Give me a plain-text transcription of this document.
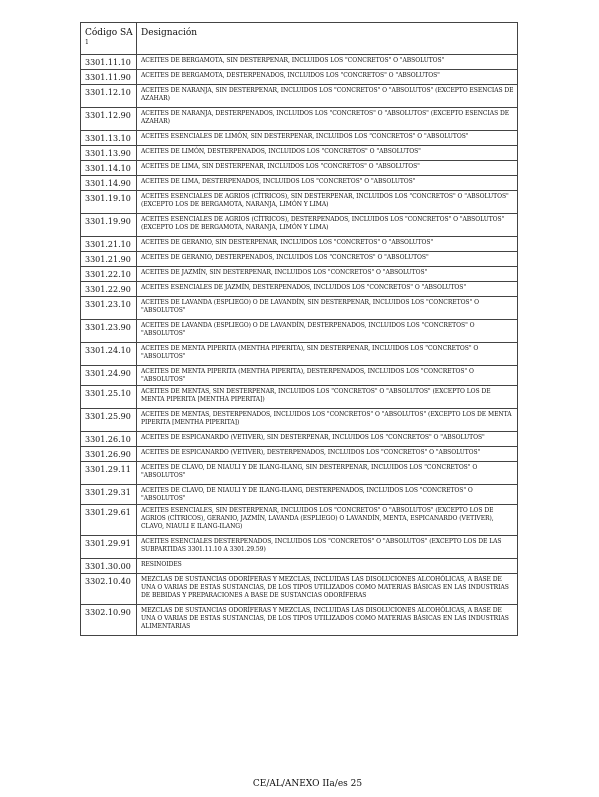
Código SA $^1$	Designación
3301.11.10	ACEITES DE BERGAMOTA, SIN DESTERPENAR, INCLUIDOS LOS "CONCRETOS" O "ABSOLUTOS"
3301.11.90	ACEITES DE BERGAMOTA, DESTERPENADOS, INCLUIDOS LOS "CONCRETOS" O "ABSOLUTOS"
3301.12.10	ACEITES DE NARANJA, SIN DESTERPENAR, INCLUIDOS LOS "CONCRETOS" O "ABSOLUTOS" (EXCEPTO ESENCIAS DE AZAHAR)
3301.12.90	ACEITES DE NARANJA, DESTERPENADOS, INCLUIDOS LOS "CONCRETOS" O "ABSOLUTOS" (EXCEPTO ESENCIAS DE AZAHAR)
3301.13.10	ACEITES ESENCIALES DE LIMÓN, SIN DESTERPENAR, INCLUIDOS LOS "CONCRETOS" O "ABSOLUTOS"
3301.13.90	ACEITES DE LIMÓN, DESTERPENADOS, INCLUIDOS LOS "CONCRETOS" O "ABSOLUTOS"
3301.14.10	ACEITES DE LIMA, SIN DESTERPENAR, INCLUIDOS LOS "CONCRETOS" O "ABSOLUTOS"
3301.14.90	ACEITES DE LIMA, DESTERPENADOS, INCLUIDOS LOS "CONCRETOS" O "ABSOLUTOS"
3301.19.10	ACEITES ESENCIALES DE AGRIOS (CÍTRICOS), SIN DESTERPENAR, INCLUIDOS LOS "CONCRETOS" O "ABSOLUTOS" (EXCEPTO LOS DE BERGAMOTA, NARANJA, LIMÓN Y LIMA)
3301.19.90	ACEITES ESENCIALES DE AGRIOS (CÍTRICOS), DESTERPENADOS, INCLUIDOS LOS "CONCRETOS" O "ABSOLUTOS" (EXCEPTO LOS DE BERGAMOTA, NARANJA, LIMÓN Y LIMA)
3301.21.10	ACEITES DE GERANIO, SIN DESTERPENAR, INCLUIDOS LOS "CONCRETOS" O "ABSOLUTOS"
3301.21.90	ACEITES DE GERANIO, DESTERPENADOS, INCLUIDOS LOS "CONCRETOS" O "ABSOLUTOS"
3301.22.10	ACEITES DE JAZMÍN, SIN DESTERPENAR, INCLUIDOS LOS "CONCRETOS" O "ABSOLUTOS"
3301.22.90	ACEITES ESENCIALES DE JAZMÍN, DESTERPENADOS, INCLUIDOS LOS "CONCRETOS" O "ABSOLUTOS"
3301.23.10	ACEITES DE LAVANDA (ESPLIEGO) O DE LAVANDÍN, SIN DESTERPENAR, INCLUIDOS LOS "CONCRETOS" O "ABSOLUTOS"
3301.23.90	ACEITES DE LAVANDA (ESPLIEGO) O DE LAVANDÍN, DESTERPENADOS, INCLUIDOS LOS "CONCRETOS" O "ABSOLUTOS"
3301.24.10	ACEITES DE MENTA PIPERITA (MENTHA PIPERITA), SIN DESTERPENAR, INCLUIDOS LOS "CONCRETOS" O "ABSOLUTOS"
3301.24.90	ACEITES DE MENTA PIPERITA (MENTHA PIPERITA), DESTERPENADOS, INCLUIDOS LOS "CONCRETOS" O "ABSOLUTOS"
3301.25.10	ACEITES DE MENTAS, SIN DESTERPENAR, INCLUIDOS LOS "CONCRETOS" O "ABSOLUTOS" (EXCEPTO LOS DE MENTA PIPERITA [MENTHA PIPERITA])
3301.25.90	ACEITES DE MENTAS, DESTERPENADOS, INCLUIDOS LOS "CONCRETOS" O "ABSOLUTOS" (EXCEPTO LOS DE MENTA PIPERITA [MENTHA PIPERITA])
3301.26.10	ACEITES DE ESPICANARDO (VETIVER), SIN DESTERPENAR, INCLUIDOS LOS "CONCRETOS" O "ABSOLUTOS"
3301.26.90	ACEITES DE ESPICANARDO (VETIVER), DESTERPENADOS, INCLUIDOS LOS "CONCRETOS" O "ABSOLUTOS"
3301.29.11	ACEITES DE CLAVO, DE NIAULI Y DE ILANG-ILANG, SIN DESTERPENAR, INCLUIDOS LOS "CONCRETOS" O "ABSOLUTOS"
3301.29.31	ACEITES DE CLAVO, DE NIAULI Y DE ILANG-ILANG, DESTERPENADOS, INCLUIDOS LOS "CONCRETOS" O "ABSOLUTOS"
3301.29.61	ACEITES ESENCIALES, SIN DESTERPENAR, INCLUIDOS LOS "CONCRETOS" O "ABSOLUTOS" (EXCEPTO LOS DE AGRIOS (CÍTRICOS), GERANIO, JAZMÍN, LAVANDA (ESPLIEGO) O LAVANDÍN, MENTA, ESPICANARDO (VETIVER), CLAVO, NIAULI E ILANG-ILANG)
3301.29.91	ACEITES ESENCIALES DESTERPENADOS, INCLUIDOS LOS "CONCRETOS" O "ABSOLUTOS" (EXCEPTO LOS DE LAS SUBPARTIDAS 3301.11.10 A 3301.29.59)
3301.30.00	RESINOIDES
3302.10.40	MEZCLAS DE SUSTANCIAS ODORÍFERAS Y MEZCLAS, INCLUIDAS LAS DISOLUCIONES ALCOHÓLICAS, A BASE DE UNA O VARIAS DE ESTAS SUSTANCIAS, DE LOS TIPOS UTILIZADOS COMO MATERIAS BÁSICAS EN LAS INDUSTRIAS DE BEBIDAS Y PREPARACIONES A BASE DE SUSTANCIAS ODORÍFERAS
3302.10.90	MEZCLAS DE SUSTANCIAS ODORÍFERAS Y MEZCLAS, INCLUIDAS LAS DISOLUCIONES ALCOHÓLICAS, A BASE DE UNA O VARIAS DE ESTAS SUSTANCIAS, DE LOS TIPOS UTILIZADOS COMO MATERIAS BÁSICAS EN LAS INDUSTRIAS ALIMENTARIAS
CE/AL/ANEXO IIa/es 25
